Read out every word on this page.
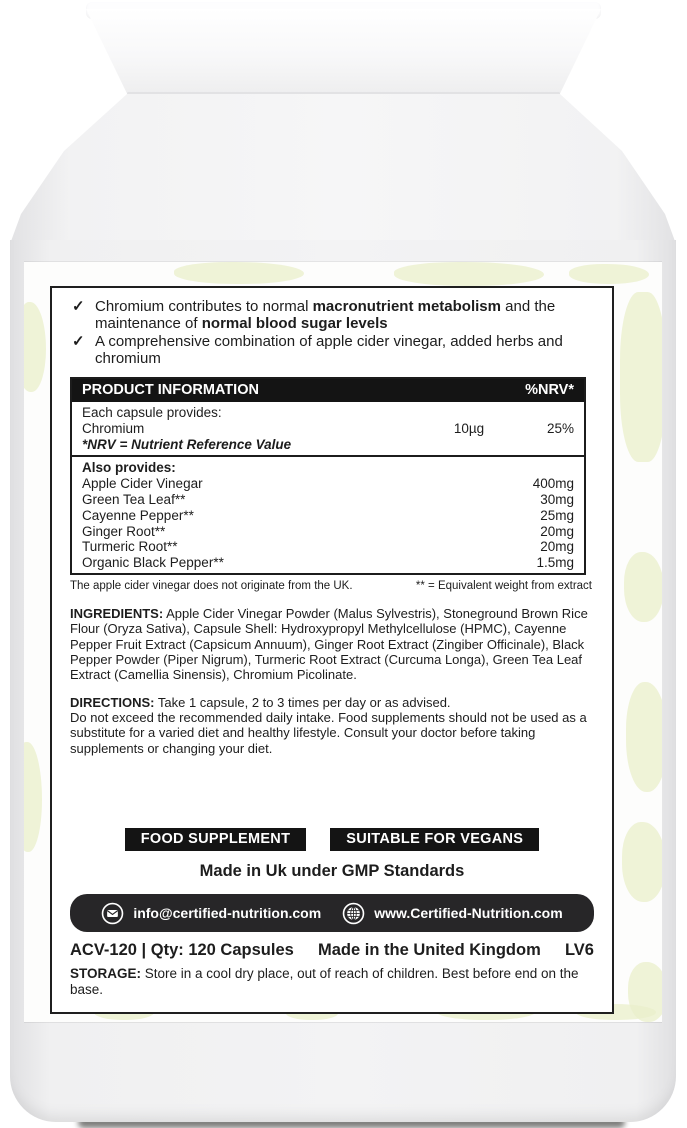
✓ Chromium contributes to normal macronutrient metabolism and the maintenance of normal blood sugar levels
✓ A comprehensive combination of apple cider vinegar, added herbs and chromium
PRODUCT INFORMATION	%NRV*
Each capsule provides:
Chromium	10µg	25%
*NRV = Nutrient Reference Value
Also provides:
Apple Cider Vinegar	400mg
Green Tea Leaf**	30mg
Cayenne Pepper**	25mg
Ginger Root**	20mg
Turmeric Root**	20mg
Organic Black Pepper**	1.5mg
The apple cider vinegar does not originate from the UK.	** = Equivalent weight from extract
INGREDIENTS: Apple Cider Vinegar Powder (Malus Sylvestris), Stoneground Brown Rice Flour (Oryza Sativa), Capsule Shell: Hydroxypropyl Methylcellulose (HPMC), Cayenne Pepper Fruit Extract (Capsicum Annuum), Ginger Root Extract (Zingiber Officinale), Black Pepper Powder (Piper Nigrum), Turmeric Root Extract (Curcuma Longa), Green Tea Leaf Extract (Camellia Sinensis), Chromium Picolinate.
DIRECTIONS: Take 1 capsule, 2 to 3 times per day or as advised.
Do not exceed the recommended daily intake. Food supplements should not be used as a substitute for a varied diet and healthy lifestyle. Consult your doctor before taking supplements or changing your diet.
FOOD SUPPLEMENT	SUITABLE FOR VEGANS
Made in Uk under GMP Standards
info@certified-nutrition.com	www.Certified-Nutrition.com
ACV-120 | Qty: 120 Capsules Made in the United Kingdom LV6
STORAGE: Store in a cool dry place, out of reach of children. Best before end on the base.
